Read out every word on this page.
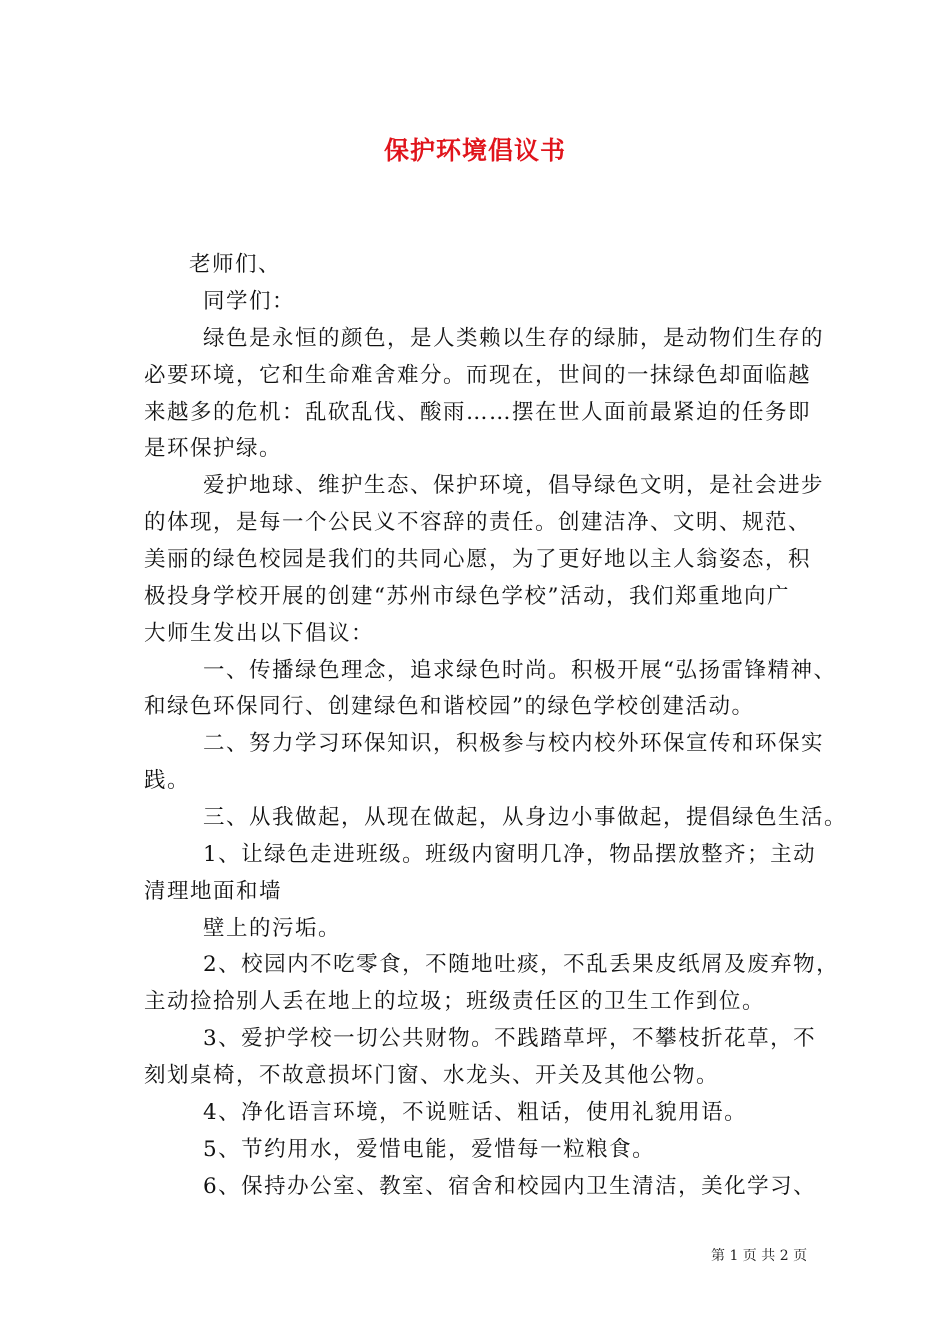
保护环境倡议书
老师们、
同学们：
绿色是永恒的颜色，是人类赖以生存的绿肺，是动物们生存的
必要环境，它和生命难舍难分。而现在，世间的一抹绿色却面临越
来越多的危机：乱砍乱伐、酸雨……摆在世人面前最紧迫的任务即
是环保护绿。
爱护地球、维护生态、保护环境，倡导绿色文明，是社会进步
的体现，是每一个公民义不容辞的责任。创建洁净、文明、规范、
美丽的绿色校园是我们的共同心愿，为了更好地以主人翁姿态，积
极投身学校开展的创建“苏州市绿色学校”活动，我们郑重地向广
大师生发出以下倡议：
一、传播绿色理念，追求绿色时尚。积极开展“弘扬雷锋精神、
和绿色环保同行、创建绿色和谐校园”的绿色学校创建活动。
二、努力学习环保知识，积极参与校内校外环保宣传和环保实
践。
三、从我做起，从现在做起，从身边小事做起，提倡绿色生活。
1、让绿色走进班级。班级内窗明几净，物品摆放整齐；主动
清理地面和墙
壁上的污垢。
2、校园内不吃零食，不随地吐痰，不乱丢果皮纸屑及废弃物，
主动捡拾别人丢在地上的垃圾；班级责任区的卫生工作到位。
3、爱护学校一切公共财物。不践踏草坪，不攀枝折花草，不
刻划桌椅，不故意损坏门窗、水龙头、开关及其他公物。
4、净化语言环境，不说赃话、粗话，使用礼貌用语。
5、节约用水，爱惜电能，爱惜每一粒粮食。
6、保持办公室、教室、宿舍和校园内卫生清洁，美化学习、
第 1 页 共 2 页
